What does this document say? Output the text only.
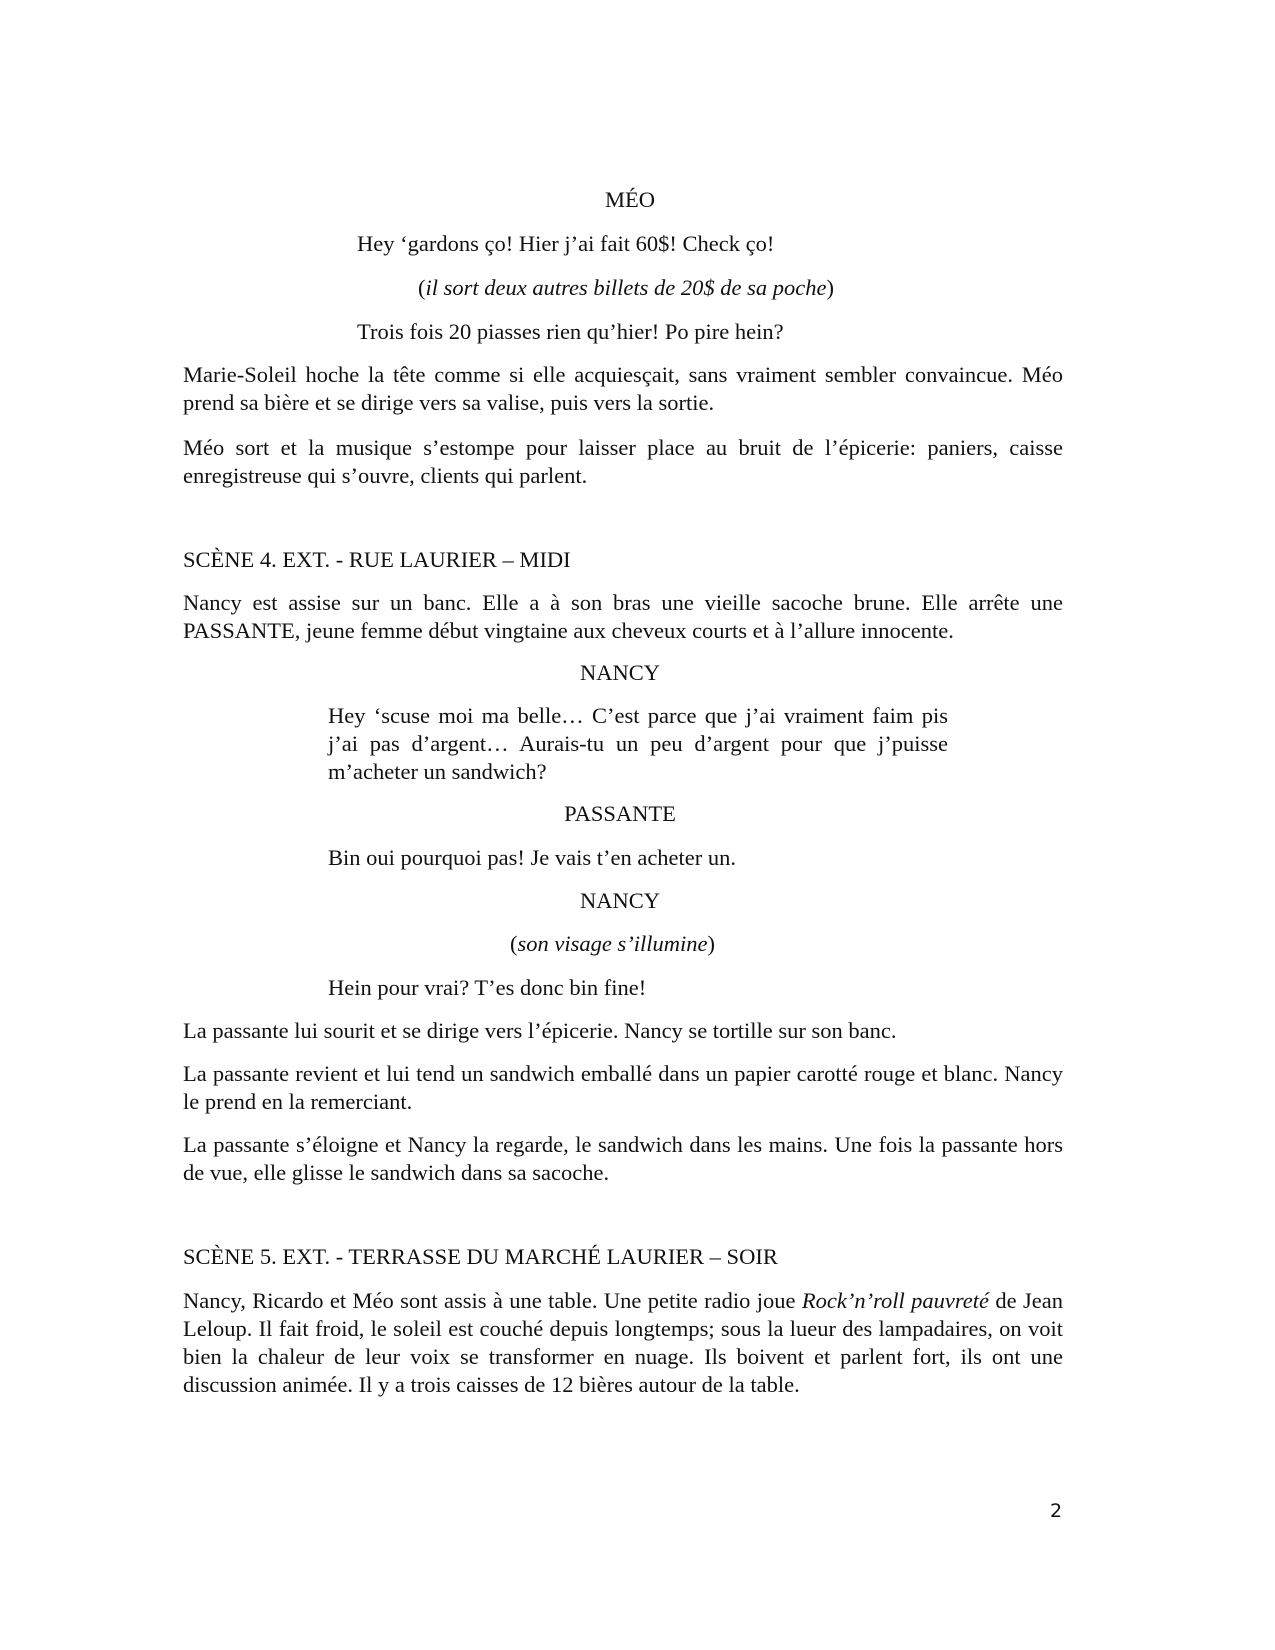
MÉO
Hey ‘gardons ço! Hier j’ai fait 60$! Check ço!
(il sort deux autres billets de 20$ de sa poche)
Trois fois 20 piasses rien qu’hier! Po pire hein?
Marie-Soleil hoche la tête comme si elle acquiesçait, sans vraiment sembler convaincue. Méo prend sa bière et se dirige vers sa valise, puis vers la sortie.
Méo sort et la musique s’estompe pour laisser place au bruit de l’épicerie: paniers, caisse enregistreuse qui s’ouvre, clients qui parlent.
SCÈNE 4. EXT. - RUE LAURIER – MIDI
Nancy est assise sur un banc. Elle a à son bras une vieille sacoche brune. Elle arrête une PASSANTE, jeune femme début vingtaine aux cheveux courts et à l’allure innocente.
NANCY
Hey ‘scuse moi ma belle… C’est parce que j’ai vraiment faim pis j’ai pas d’argent… Aurais-tu un peu d’argent pour que j’puisse m’acheter un sandwich?
PASSANTE
Bin oui pourquoi pas! Je vais t’en acheter un.
NANCY
(son visage s’illumine)
Hein pour vrai? T’es donc bin fine!
La passante lui sourit et se dirige vers l’épicerie. Nancy se tortille sur son banc.
La passante revient et lui tend un sandwich emballé dans un papier carotté rouge et blanc. Nancy le prend en la remerciant.
La passante s’éloigne et Nancy la regarde, le sandwich dans les mains. Une fois la passante hors de vue, elle glisse le sandwich dans sa sacoche.
SCÈNE 5. EXT. - TERRASSE DU MARCHÉ LAURIER – SOIR
Nancy, Ricardo et Méo sont assis à une table. Une petite radio joue Rock’n’roll pauvreté de Jean Leloup. Il fait froid, le soleil est couché depuis longtemps; sous la lueur des lampadaires, on voit bien la chaleur de leur voix se transformer en nuage. Ils boivent et parlent fort, ils ont une discussion animée. Il y a trois caisses de 12 bières autour de la table.
2
